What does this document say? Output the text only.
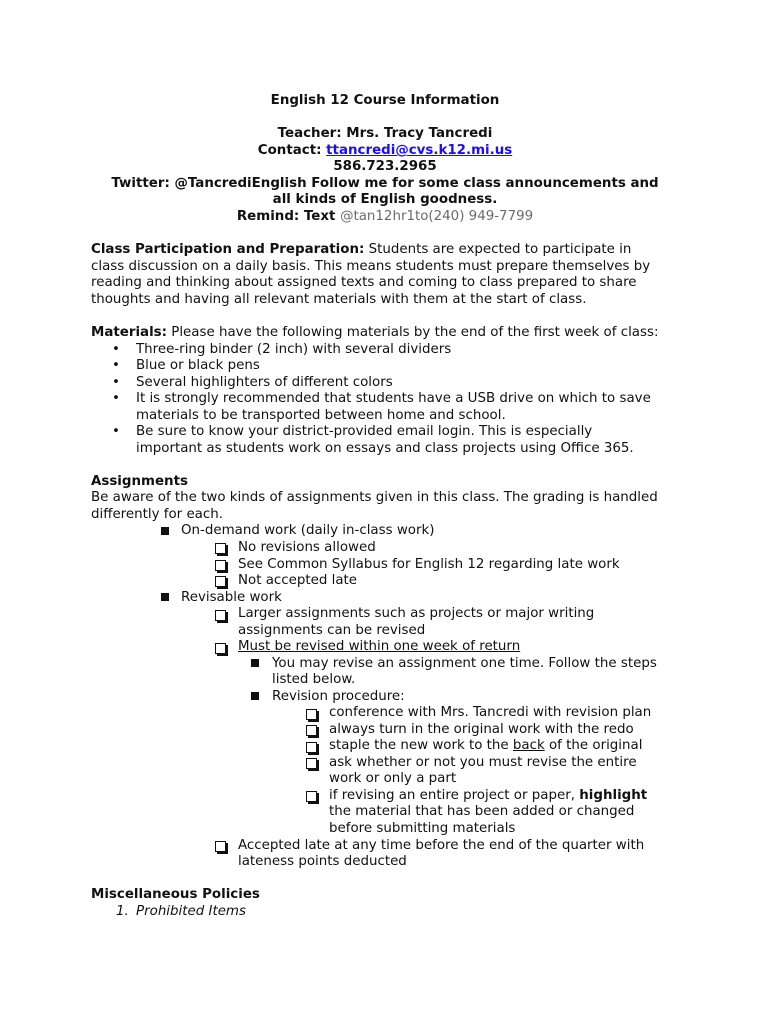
English 12 Course Information
Teacher: Mrs. Tracy Tancredi
Contact: ttancredi@cvs.k12.mi.us
586.723.2965
Twitter: @TancrediEnglish Follow me for some class announcements and
all kinds of English goodness.
Remind: Text @tan12hr1to(240) 949-7799
Class Participation and Preparation: Students are expected to participate in
class discussion on a daily basis. This means students must prepare themselves by
reading and thinking about assigned texts and coming to class prepared to share
thoughts and having all relevant materials with them at the start of class.
Materials: Please have the following materials by the end of the first week of class:
• Three-ring binder (2 inch) with several dividers
• Blue or black pens
• Several highlighters of different colors
• It is strongly recommended that students have a USB drive on which to save
materials to be transported between home and school.
• Be sure to know your district-provided email login. This is especially
important as students work on essays and class projects using Office 365.
Assignments
Be aware of the two kinds of assignments given in this class. The grading is handled
differently for each.
On-demand work (daily in-class work)
No revisions allowed
See Common Syllabus for English 12 regarding late work
Not accepted late
Revisable work
Larger assignments such as projects or major writing
assignments can be revised
Must be revised within one week of return
You may revise an assignment one time. Follow the steps
listed below.
Revision procedure:
conference with Mrs. Tancredi with revision plan
always turn in the original work with the redo
staple the new work to the back of the original
ask whether or not you must revise the entire
work or only a part
if revising an entire project or paper, highlight
the material that has been added or changed
before submitting materials
Accepted late at any time before the end of the quarter with
lateness points deducted
Miscellaneous Policies
1. Prohibited Items
